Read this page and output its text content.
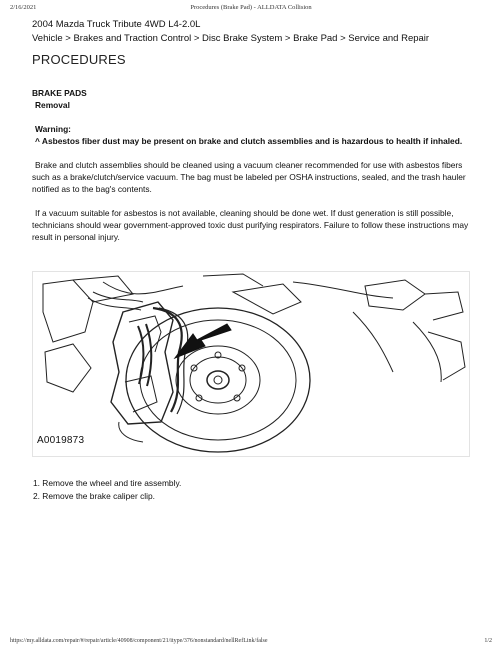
2/16/2021	Procedures (Brake Pad) - ALLDATA Collision
2004 Mazda Truck Tribute 4WD L4-2.0L
Vehicle > Brakes and Traction Control > Disc Brake System > Brake Pad > Service and Repair
PROCEDURES

BRAKE PADS

Removal

Warning:

^ Asbestos fiber dust may be present on brake and clutch assemblies and is hazardous to health if inhaled.

Brake and clutch assemblies should be cleaned using a vacuum cleaner recommended for use with asbestos fibers such as a brake/clutch/service vacuum. The bag must be labeled per OSHA instructions, sealed, and the trash hauler notified as to the bag's contents.

If a vacuum suitable for asbestos is not available, cleaning should be done wet. If dust generation is still possible, technicians should wear government-approved toxic dust purifying respirators. Failure to follow these instructions may result in personal injury.

A0019873
1. Remove the wheel and tire assembly.
2. Remove the brake caliper clip.
https://my.alldata.com/repair/#/repair/article/40908/component/21/itype/376/nonstandard/nellRefLink/false	1/2
